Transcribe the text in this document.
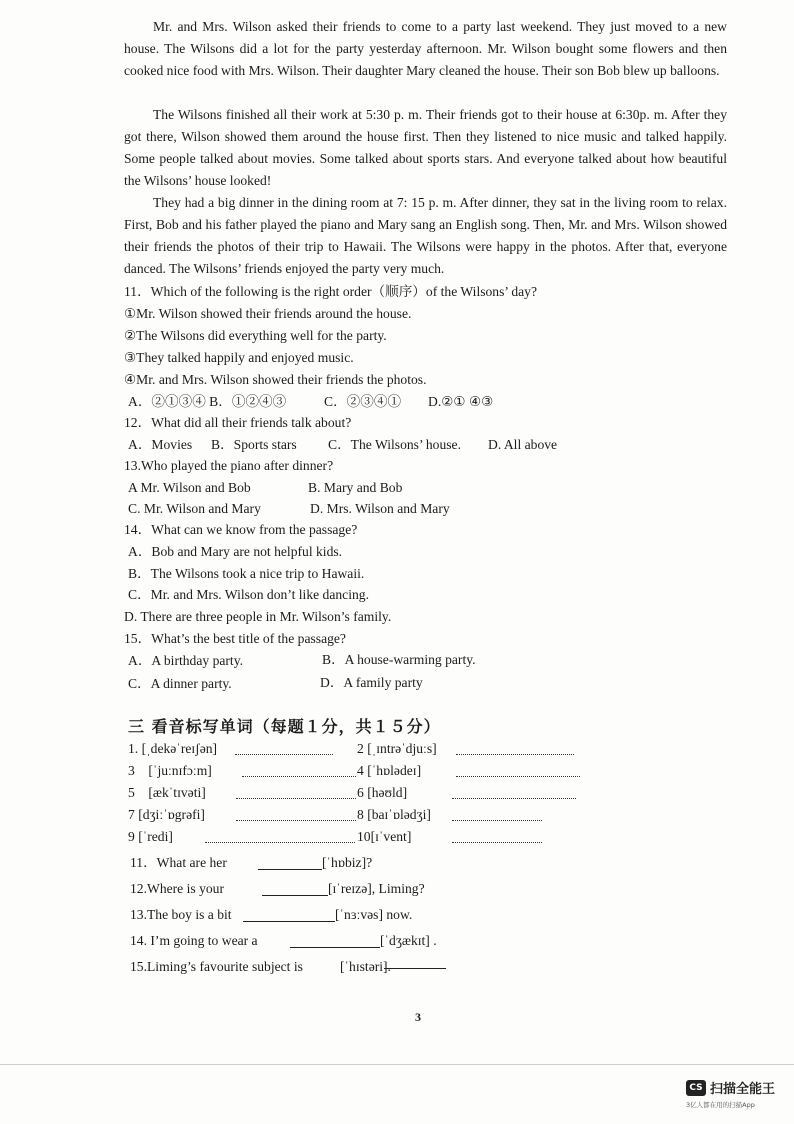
Mr. and Mrs. Wilson asked their friends to come to a party last weekend. They just moved to a new house. The Wilsons did a lot for the party yesterday afternoon. Mr. Wilson bought some flowers and then cooked nice food with Mrs. Wilson. Their daughter Mary cleaned the house. Their son Bob blew up balloons.

The Wilsons finished all their work at 5:30 p. m. Their friends got to their house at 6:30p. m. After they got there, Wilson showed them around the house first. Then they listened to nice music and talked happily. Some people talked about movies. Some talked about sports stars. And everyone talked about how beautiful the Wilsons’ house looked!

They had a big dinner in the dining room at 7: 15 p. m. After dinner, they sat in the living room to relax. First, Bob and his father played the piano and Mary sang an English song. Then, Mr. and Mrs. Wilson showed their friends the photos of their trip to Hawaii. The Wilsons were happy in the photos. After that, everyone danced. The Wilsons’ friends enjoyed the party very much.

11．Which of the following is the right order（顺序）of the Wilsons’ day?
①Mr. Wilson showed their friends around the house.
②The Wilsons did everything well for the party.
③They talked happily and enjoyed music.
④Mr. and Mrs. Wilson showed their friends the photos.
A．②①③④ B．①②④③	C．②③④① D.②① ④③
12．What did all their friends talk about?
A．Movies B．Sports stars C．The Wilsons’ house. D. All above
13.Who played the piano after dinner?
A Mr. Wilson and Bob	B. Mary and Bob
C. Mr. Wilson and Mary	D. Mrs. Wilson and Mary
14．What can we know from the passage?
A．Bob and Mary are not helpful kids.
B．The Wilsons took a nice trip to Hawaii.
C．Mr. and Mrs. Wilson don’t like dancing.
D. There are three people in Mr. Wilson’s family.
15．What’s the best title of the passage?
A．A birthday party.	B．A house-warming party.
C．A dinner party.	D．A family party
三 看音标写单词（每题１分，共１５分）
1. [ˌdekəˈreɪʃən]	2 [ˌɪntrəˈdjuːs]
3　[ˈjuːnɪfɔːm]	4 [ˈhɒlədeɪ]
5　[ækˈtɪvəti]	6 [həʊld]
7 [dʒiːˈɒgrəfi]	8 [baɪˈɒlədʒi]
9 [ˈredi]	10[ɪˈvent]
11．What are her	[ˈhɒbiz]?
12.Where is your	[ɪˈreɪzə], Liming?
13.The boy is a bit	[ˈnɜːvəs] now.
14. I’m going to wear a	[ˈdʒækɪt] .
15.Liming’s favourite subject is	[ˈhɪstəri].
3
CS 扫描全能王
3亿人都在用的扫描App
